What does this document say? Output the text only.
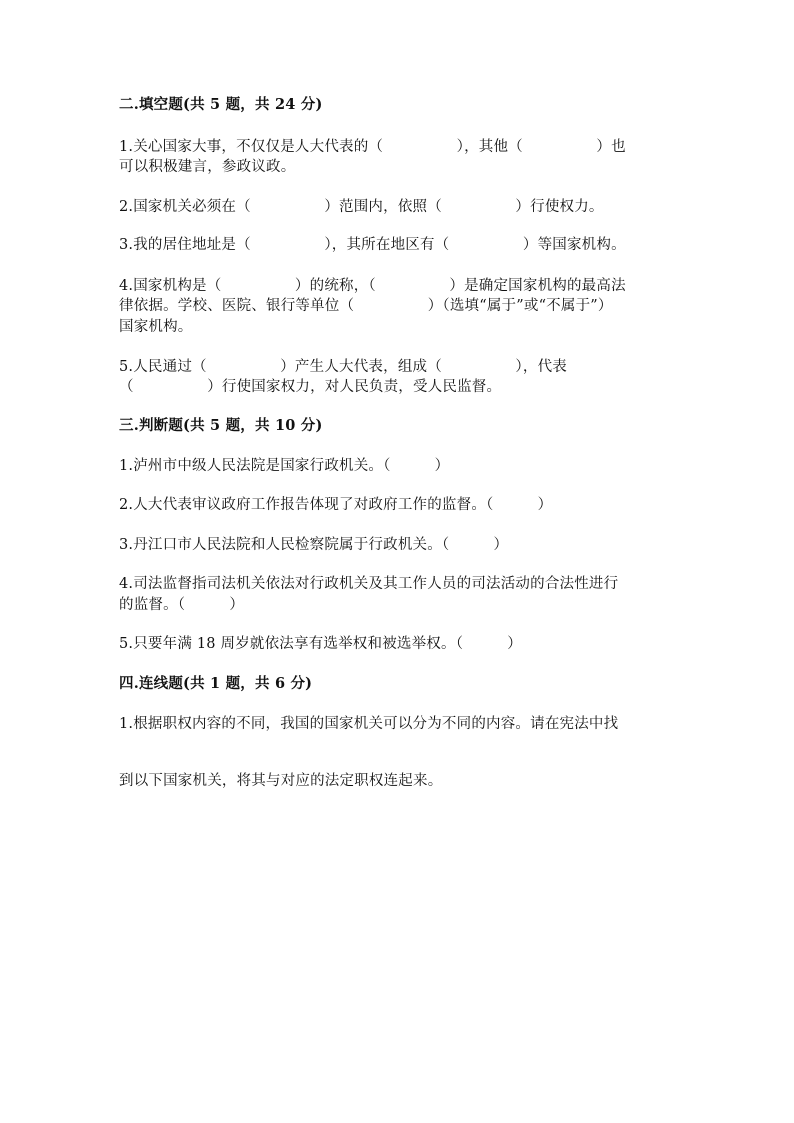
二.填空题(共 5 题，共 24 分)
1.关心国家大事，不仅仅是人大代表的（　　　　　），其他（　　　　　）也
可以积极建言，参政议政。
2.国家机关必须在（　　　　　）范围内，依照（　　　　　）行使权力。
3.我的居住地址是（　　　　　），其所在地区有（　　　　　）等国家机构。
4.国家机构是（　　　　　）的统称，（　　　　　）是确定国家机构的最高法
律依据。学校、医院、银行等单位（　　　　　）（选填“属于”或“不属于”）
国家机构。
5.人民通过（　　　　　）产生人大代表，组成（　　　　　），代表
（　　　　　）行使国家权力，对人民负责，受人民监督。
三.判断题(共 5 题，共 10 分)
1.泸州市中级人民法院是国家行政机关。（　　　）
2.人大代表审议政府工作报告体现了对政府工作的监督。（　　　）
3.丹江口市人民法院和人民检察院属于行政机关。（　　　）
4.司法监督指司法机关依法对行政机关及其工作人员的司法活动的合法性进行
的监督。（　　　）
5.只要年满 18 周岁就依法享有选举权和被选举权。（　　　）
四.连线题(共 1 题，共 6 分)
1.根据职权内容的不同，我国的国家机关可以分为不同的内容。请在宪法中找
到以下国家机关，将其与对应的法定职权连起来。
